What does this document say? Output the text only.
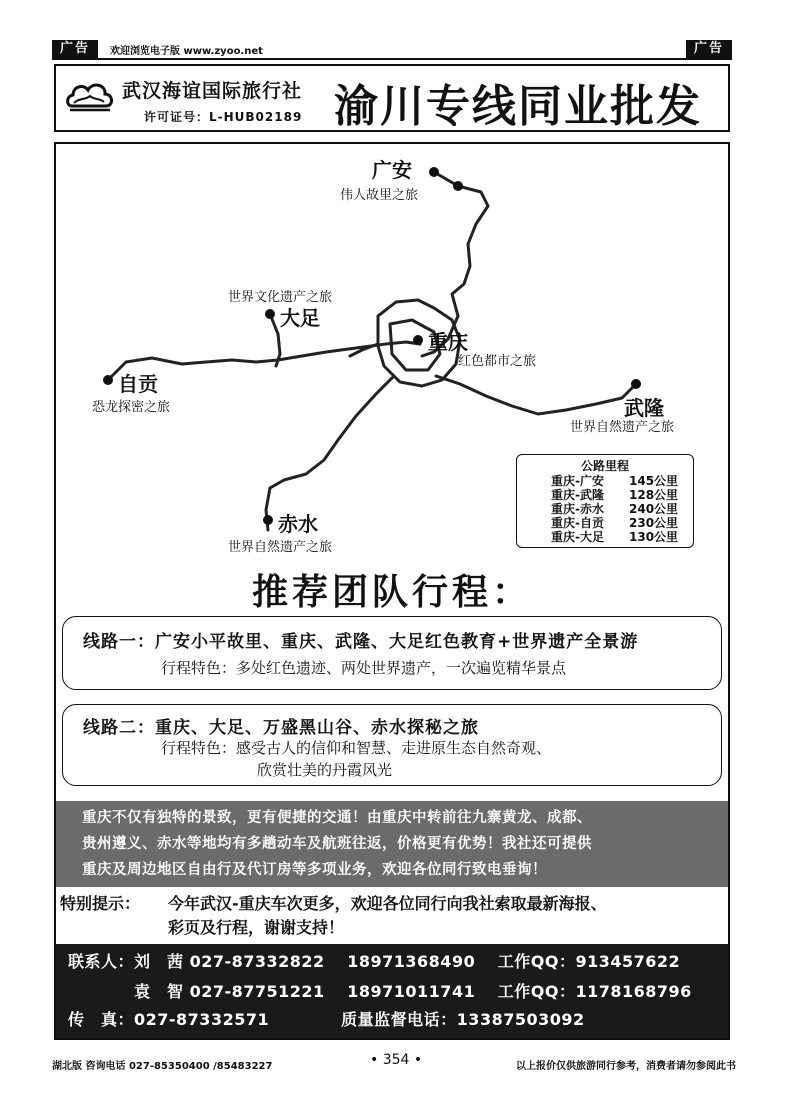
广告	欢迎浏览电子版 www.zyoo.net	广告
武汉海谊国际旅行社
许可证号：L-HUB02189 渝川专线同业批发
广安
伟人故里之旅
世界文化遗产之旅
大足
重庆
红色都市之旅
自贡
恐龙探密之旅	武隆
世界自然遗产之旅
赤水
世界自然遗产之旅
公路里程
重庆-广安	145公里
重庆-武隆	128公里
重庆-赤水	240公里
重庆-自贡	230公里
重庆-大足	130公里
推荐团队行程：
线路一：广安小平故里、重庆、武隆、大足红色教育+世界遗产全景游
行程特色：多处红色遗迹、两处世界遗产，一次遍览精华景点
线路二：重庆、大足、万盛黑山谷、赤水探秘之旅
行程特色：感受古人的信仰和智慧、走进原生态自然奇观、
欣赏壮美的丹霞风光
重庆不仅有独特的景致，更有便捷的交通！由重庆中转前往九寨黄龙、成都、
贵州遵义、赤水等地均有多趟动车及航班往返，价格更有优势！我社还可提供
重庆及周边地区自由行及代订房等多项业务，欢迎各位同行致电垂询！
特别提示： 今年武汉-重庆车次更多，欢迎各位同行向我社索取最新海报、
彩页及行程，谢谢支持！
联系人：刘　茜 027-87332822　 18971368490　 工作QQ：913457622
　　　　袁　智 027-87751221　 18971011741　 工作QQ：1178168796
传　真：027-87332571　　　　 质量监督电话：13387503092
湖北版 咨询电话 027-85350400 /85483227	• 354 •	以上报价仅供旅游同行参考，消费者请勿参阅此书
